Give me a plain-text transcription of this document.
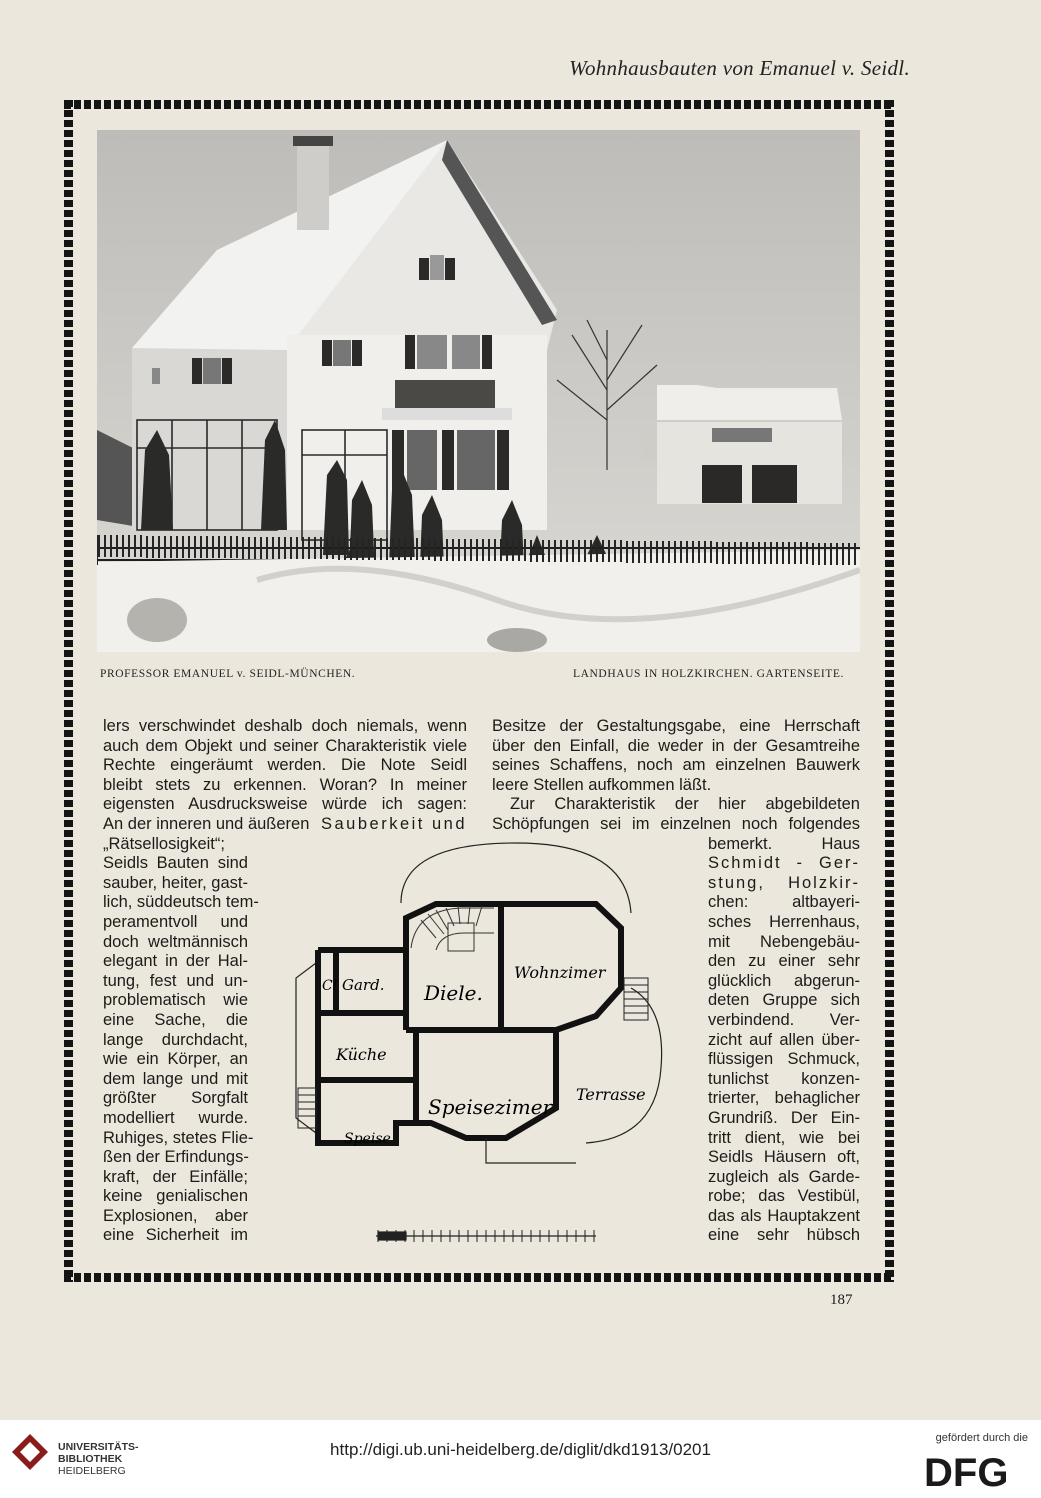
Wohnhausbauten von Emanuel v. Seidl.
PROFESSOR EMANUEL v. SEIDL-MÜNCHEN.	LANDHAUS IN HOLZKIRCHEN. GARTENSEITE.
lers verschwindet deshalb doch niemals, wenn
auch dem Objekt und seiner Charakteristik viele
Rechte eingeräumt werden. Die Note Seidl
bleibt stets zu erkennen. Woran? In meiner
eigensten Ausdrucksweise würde ich sagen:
An der inneren und äußeren Sauberkeit und
„Rätsellosigkeit“;
Seidls Bauten sind
sauber, heiter, gast-
lich, süddeutsch tem-
peramentvoll und
doch weltmännisch
elegant in der Hal-
tung, fest und un-
problematisch wie
eine Sache, die
lange durchdacht,
wie ein Körper, an
dem lange und mit
größter Sorgfalt
modelliert wurde.
Ruhiges, stetes Flie-
ßen der Erfindungs-
kraft, der Einfälle;
keine genialischen
Explosionen, aber
eine Sicherheit im
Besitze der Gestaltungsgabe, eine Herrschaft
über den Einfall, die weder in der Gesamtreihe
seines Schaffens, noch am einzelnen Bauwerk
leere Stellen aufkommen läßt.
Zur Charakteristik der hier abgebildeten
Schöpfungen sei im einzelnen noch folgendes
bemerkt. Haus
Schmidt - Ger-
stung, Holzkir-
chen: altbayeri-
sches Herrenhaus,
mit Nebengebäu-
den zu einer sehr
glücklich abgerun-
deten Gruppe sich
verbindend. Ver-
zicht auf allen über-
flüssigen Schmuck,
tunlichst konzen-
trierter, behaglicher
Grundriß. Der Ein-
tritt dient, wie bei
Seidls Häusern oft,
zugleich als Garde-
robe; das Vestibül,
das als Hauptakzent
eine sehr hübsch
Cl Gard. Diele.
Wohnzimer
Küche
Speisezimer
Terrasse
Speise
187
UNIVERSITÄTS-
BIBLIOTHEK
HEIDELBERG
http://digi.ub.uni-heidelberg.de/diglit/dkd1913/0201
gefördert durch die
DFG
